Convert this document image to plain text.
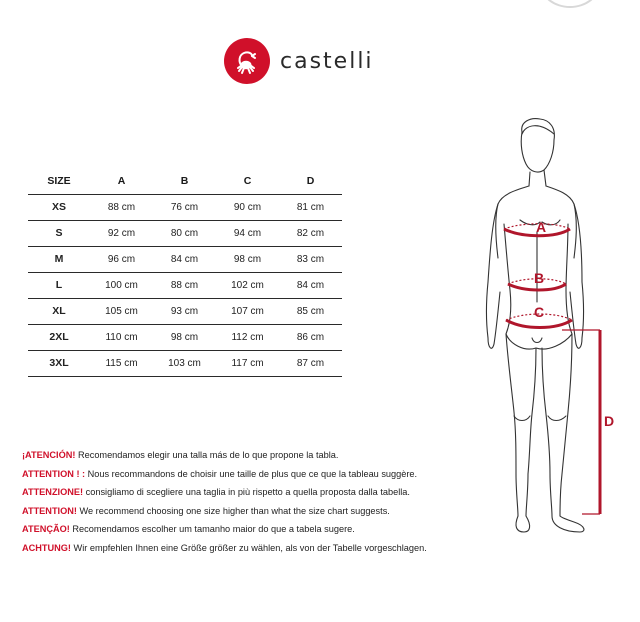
castelli
SIZE	A	B	C	D
XS	88 cm	76 cm	90 cm	81 cm
S	92 cm	80 cm	94 cm	82 cm
M	96 cm	84 cm	98 cm	83 cm
L	100 cm	88 cm	102 cm	84 cm
XL	105 cm	93 cm	107 cm	85 cm
2XL	110 cm	98 cm	112 cm	86 cm
3XL	115 cm	103 cm	117 cm	87 cm
¡ATENCIÓN! Recomendamos elegir una talla más de lo que propone la tabla.
ATTENTION ! : Nous recommandons de choisir une taille de plus que ce que la tableau suggère.
ATTENZIONE! consigliamo di scegliere una taglia in più rispetto a quella proposta dalla tabella.
ATTENTION! We recommend choosing one size higher than what the size chart suggests.
ATENÇÃO! Recomendamos escolher um tamanho maior do que a tabela sugere.
ACHTUNG! Wir empfehlen Ihnen eine Größe größer zu wählen, als von der Tabelle vorgeschlagen.
A
B
C
D
